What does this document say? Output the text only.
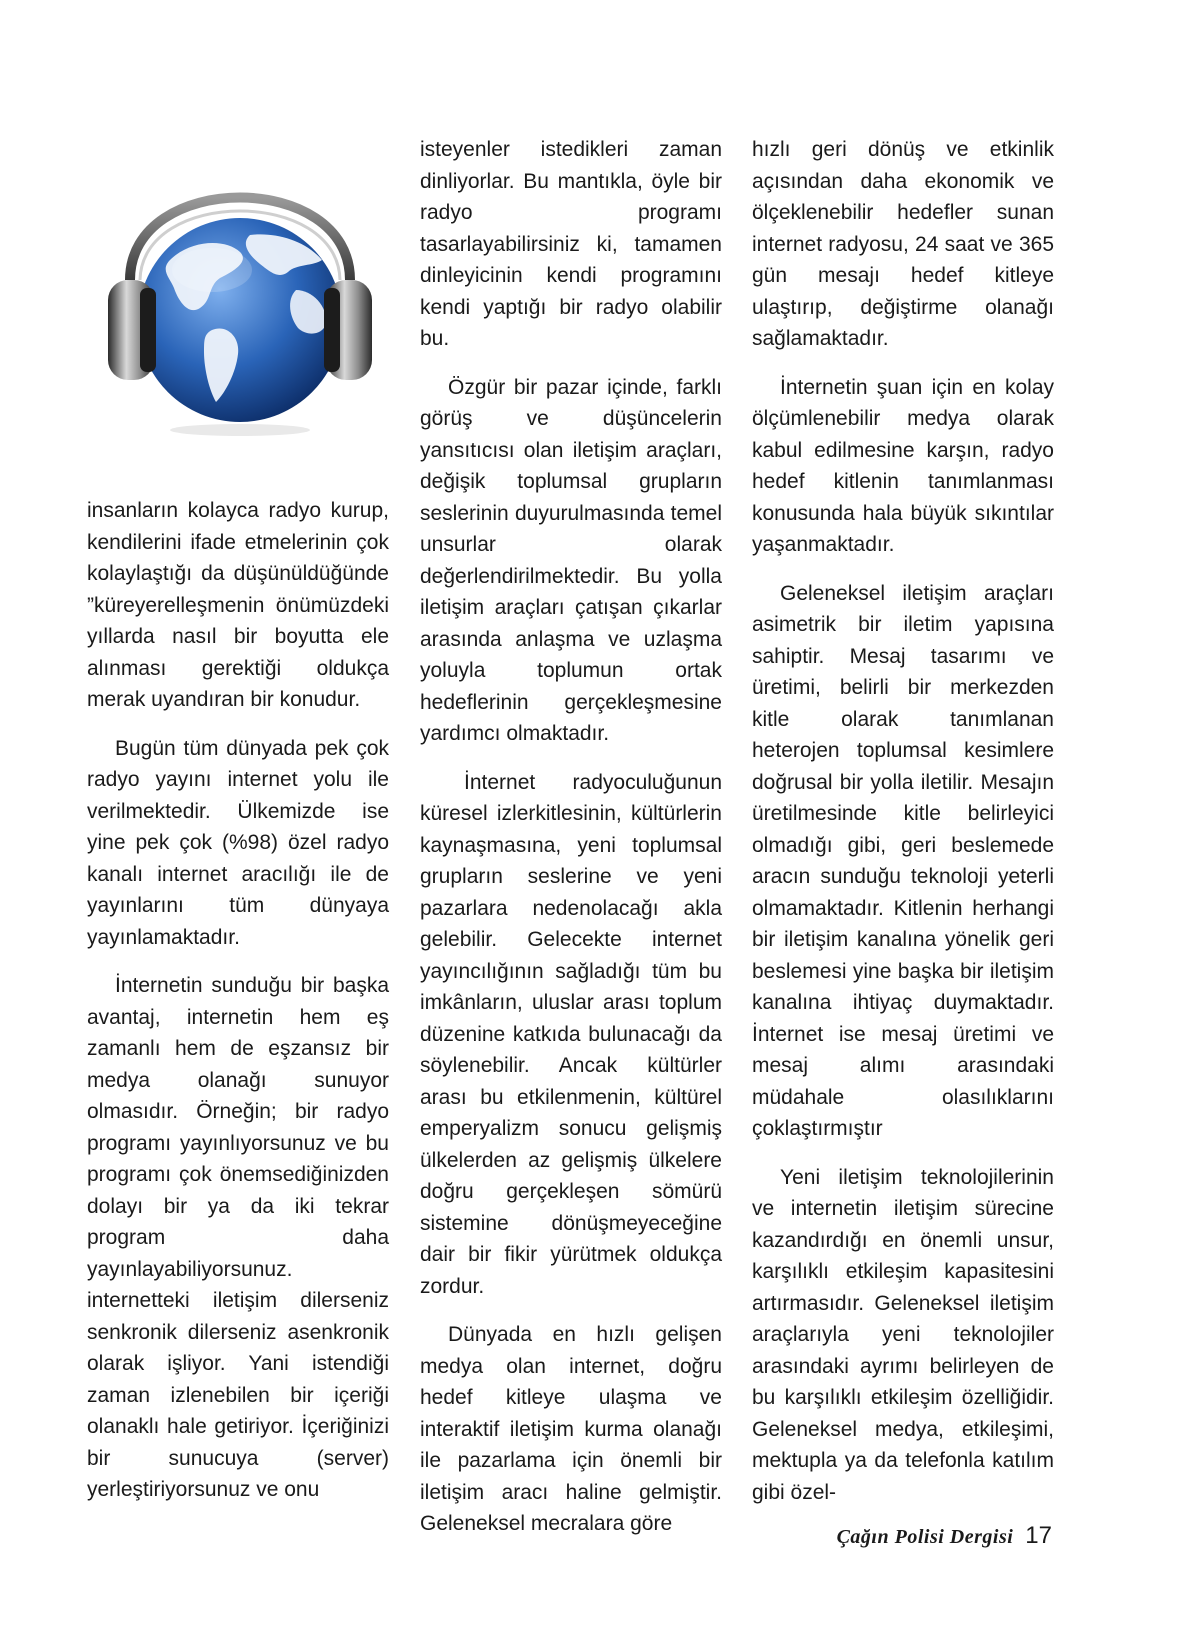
insanların kolayca radyo kurup, kendilerini ifade etmelerinin çok kolaylaştığı da düşünüldüğünde ”küreyerelleşmenin önümüzdeki yıllarda nasıl bir boyutta ele alınması gerektiği oldukça merak uyandıran bir konudur.

Bugün tüm dünyada pek çok radyo yayını internet yolu ile verilmektedir. Ülkemizde ise yine pek çok (%98) özel radyo kanalı internet aracılığı ile de yayınlarını tüm dünyaya yayınlamaktadır.

İnternetin sunduğu bir başka avantaj, internetin hem eş zamanlı hem de eşzansız bir medya olanağı sunuyor olmasıdır. Örneğin; bir radyo programı yayınlıyorsunuz ve bu programı çok önemsediğinizden dolayı bir ya da iki tekrar program daha yayınlayabiliyorsunuz. internetteki iletişim dilerseniz senkronik dilerseniz asenkronik olarak işliyor. Yani istendiği zaman izlenebilen bir içeriği olanaklı hale getiriyor. İçeriğinizi bir sunucuya (server) yerleştiriyorsunuz ve onu

isteyenler istedikleri zaman dinliyorlar. Bu mantıkla, öyle bir radyo programı tasarlayabilirsiniz ki, tamamen dinleyicinin kendi programını kendi yaptığı bir radyo olabilir bu.

Özgür bir pazar içinde, farklı görüş ve düşüncelerin yansıtıcısı olan iletişim araçları, değişik toplumsal grupların seslerinin duyurulmasında temel unsurlar olarak değerlendirilmektedir. Bu yolla iletişim araçları çatışan çıkarlar arasında anlaşma ve uzlaşma yoluyla toplumun ortak hedeflerinin gerçekleşmesine yardımcı olmaktadır.

İnternet radyoculuğunun küresel izlerkitlesinin, kültürlerin kaynaşmasına, yeni toplumsal grupların seslerine ve yeni pazarlara nedenolacağı akla gelebilir. Gelecekte internet yayıncılığının sağladığı tüm bu imkânların, uluslar arası toplum düzenine katkıda bulunacağı da söylenebilir. Ancak kültürler arası bu etkilenmenin, kültürel emperyalizm sonucu gelişmiş ülkelerden az gelişmiş ülkelere doğru gerçekleşen sömürü sistemine dönüşmeyeceğine dair bir fikir yürütmek oldukça zordur.

Dünyada en hızlı gelişen medya olan internet, doğru hedef kitleye ulaşma ve interaktif iletişim kurma olanağı ile pazarlama için önemli bir iletişim aracı haline gelmiştir. Geleneksel mecralara göre

hızlı geri dönüş ve etkinlik açısından daha ekonomik ve ölçeklenebilir hedefler sunan internet radyosu, 24 saat ve 365 gün mesajı hedef kitleye ulaştırıp, değiştirme olanağı sağlamaktadır.

İnternetin şuan için en kolay ölçümlenebilir medya olarak kabul edilmesine karşın, radyo hedef kitlenin tanımlanması konusunda hala büyük sıkıntılar yaşanmaktadır.

Geleneksel iletişim araçları asimetrik bir iletim yapısına sahiptir. Mesaj tasarımı ve üretimi, belirli bir merkezden kitle olarak tanımlanan heterojen toplumsal kesimlere doğrusal bir yolla iletilir. Mesajın üretilmesinde kitle belirleyici olmadığı gibi, geri beslemede aracın sunduğu teknoloji yeterli olmamaktadır. Kitlenin herhangi bir iletişim kanalına yönelik geri beslemesi yine başka bir iletişim kanalına ihtiyaç duymaktadır. İnternet ise mesaj üretimi ve mesaj alımı arasındaki müdahale olasılıklarını çoklaştırmıştır

Yeni iletişim teknolojilerinin ve internetin iletişim sürecine kazandırdığı en önemli unsur, karşılıklı etkileşim kapasitesini artırmasıdır. Geleneksel iletişim araçlarıyla yeni teknolojiler arasındaki ayrımı belirleyen de bu karşılıklı etkileşim özelliğidir. Geleneksel medya, etkileşimi, mektupla ya da telefonla katılım gibi özel-

Çağın Polisi Dergisi 17
